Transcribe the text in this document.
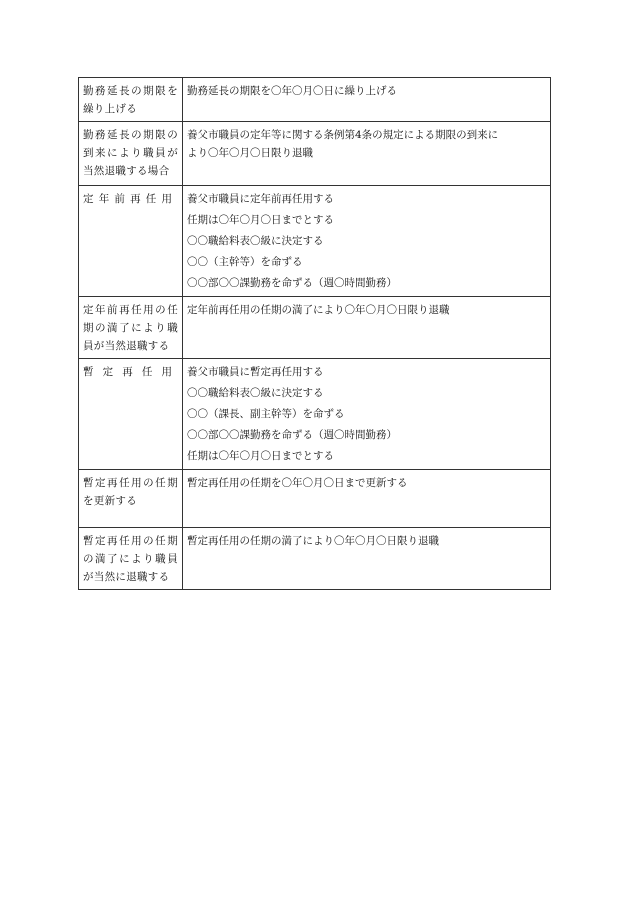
勤務延長の期限を繰り上げる	勤務延長の期限を〇年〇月〇日に繰り上げる

勤務延長の期限の到来により職員が当然退職する場合	養父市職員の定年等に関する条例第4条の規定による期限の到来に
より〇年〇月〇日限り退職

定 年 前 再 任 用	養父市職員に定年前再任用する
任期は〇年〇月〇日までとする
〇〇職給料表〇級に決定する
〇〇（主幹等）を命ずる
〇〇部〇〇課勤務を命ずる（週〇時間勤務）

定年前再任用の任期の満了により職員が当然退職する	定年前再任用の任期の満了により〇年〇月〇日限り退職

暫 定 再 任 用	養父市職員に暫定再任用する
〇〇職給料表〇級に決定する
〇〇（課長、副主幹等）を命ずる
〇〇部〇〇課勤務を命ずる（週〇時間勤務）
任期は〇年〇月〇日までとする

暫定再任用の任期を更新する	暫定再任用の任期を〇年〇月〇日まで更新する

暫定再任用の任期の満了により職員が当然に退職する	暫定再任用の任期の満了により〇年〇月〇日限り退職
